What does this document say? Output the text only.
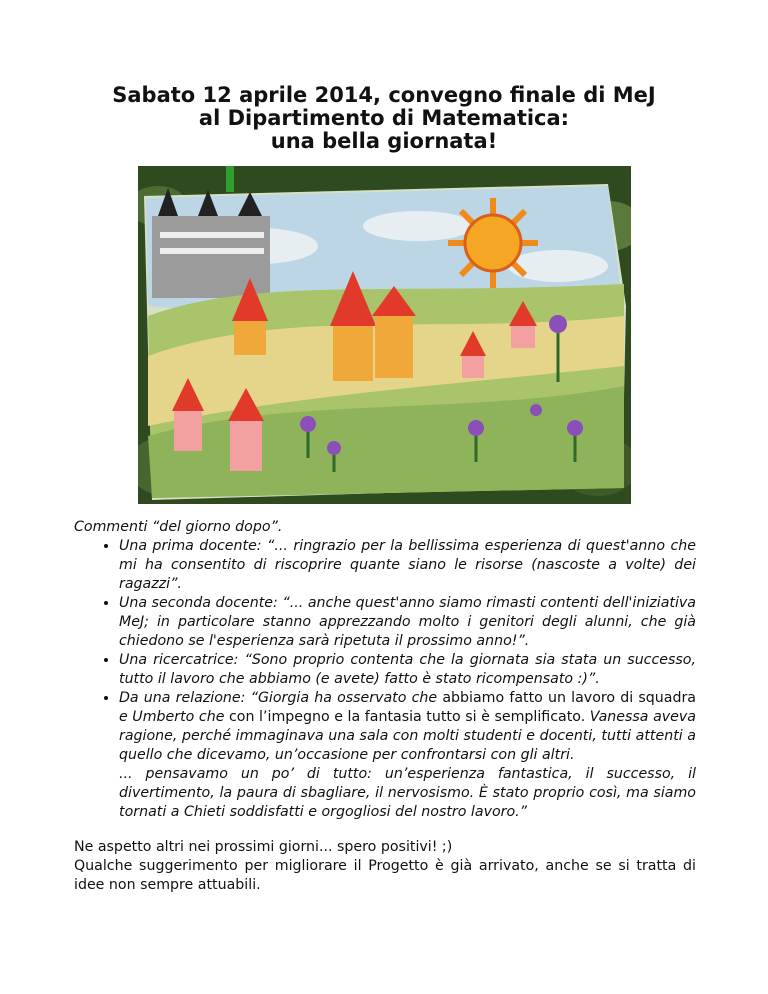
Sabato 12 aprile 2014, convegno finale di MeJ
al Dipartimento di Matematica:
una bella giornata!

Commenti “del giorno dopo”.

• Una prima docente: “... ringrazio per la bellissima esperienza di quest'anno che mi ha consentito di riscoprire quante siano le risorse (nascoste a volte) dei ragazzi”.
• Una seconda docente: “... anche quest'anno siamo rimasti contenti dell'iniziativa MeJ; in particolare stanno apprezzando molto i genitori degli alunni, che già chiedono se l'esperienza sarà ripetuta il prossimo anno!”.
• Una ricercatrice: “Sono proprio contenta che la giornata sia stata un successo, tutto il lavoro che abbiamo (e avete) fatto è stato ricompensato :)”.
• Da una relazione: “Giorgia ha osservato che abbiamo fatto un lavoro di squadra e Umberto che con l’impegno e la fantasia tutto si è semplificato. Vanessa aveva ragione, perché immaginava una sala con molti studenti e docenti, tutti attenti a quello che dicevamo, un’occasione per confrontarsi con gli altri.
... pensavamo un po’ di tutto: un’esperienza fantastica, il successo, il divertimento, la paura di sbagliare, il nervosismo. È stato proprio così, ma siamo tornati a Chieti soddisfatti e orgogliosi del nostro lavoro.”

Ne aspetto altri nei prossimi giorni... spero positivi! ;)

Qualche suggerimento per migliorare il Progetto è già arrivato, anche se si tratta di idee non sempre attuabili.
